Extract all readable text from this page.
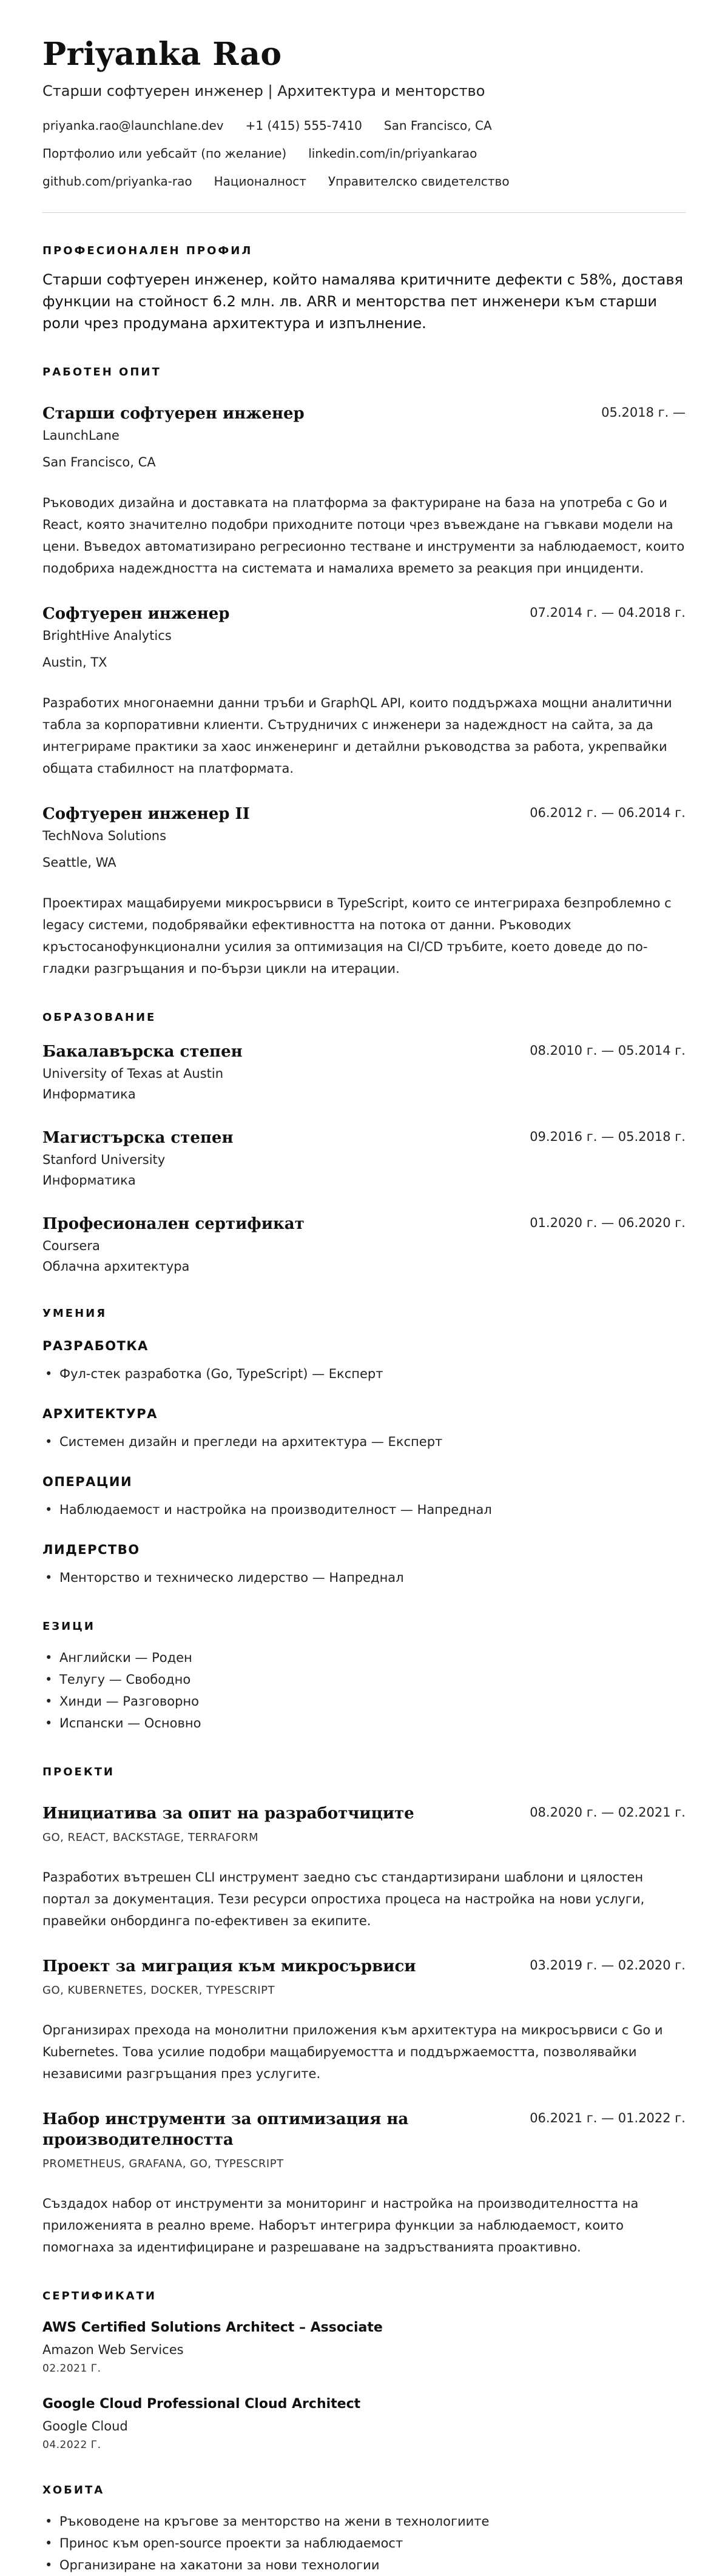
Priyanka Rao
Старши софтуерен инженер | Архитектура и менторство
priyanka.rao@launchlane.dev +1 (415) 555-7410 San Francisco, CA
Портфолио или уебсайт (по желание) linkedin.com/in/priyankarao
github.com/priyanka-rao Националност Управителско свидетелство
ПРОФЕСИОНАЛЕН ПРОФИЛ
Старши софтуерен инженер, който намалява критичните дефекти с 58%, доставя функции на стойност 6.2 млн. лв. ARR и менторства пет инженери към старши роли чрез продумана архитектура и изпълнение.
РАБОТЕН ОПИТ
Старши софтуерен инженер	05.2018 г. —
LaunchLane
San Francisco, CA
Ръководих дизайна и доставката на платформа за фактуриране на база на употреба с Go и React, която значително подобри приходните потоци чрез въвеждане на гъвкави модели на цени. Въведох автоматизирано регресионно тестване и инструменти за наблюдаемост, които подобриха надеждността на системата и намалиха времето за реакция при инциденти.
Софтуерен инженер	07.2014 г. — 04.2018 г.
BrightHive Analytics
Austin, TX
Разработих многонаемни данни тръби и GraphQL API, които поддържаха мощни аналитични табла за корпоративни клиенти. Сътрудничих с инженери за надеждност на сайта, за да интегрираме практики за хаос инженеринг и детайлни ръководства за работа, укрепвайки общата стабилност на платформата.
Софтуерен инженер II	06.2012 г. — 06.2014 г.
TechNova Solutions
Seattle, WA
Проектирах мащабируеми микросървиси в TypeScript, които се интегрираха безпроблемно с legacy системи, подобрявайки ефективността на потока от данни. Ръководих кръстосанофункционални усилия за оптимизация на CI/CD тръбите, което доведе до по-гладки разгръщания и по-бързи цикли на итерации.
ОБРАЗОВАНИЕ
Бакалавърска степен	08.2010 г. — 05.2014 г.
University of Texas at Austin
Информатика
Магистърска степен	09.2016 г. — 05.2018 г.
Stanford University
Информатика
Професионален сертификат	01.2020 г. — 06.2020 г.
Coursera
Облачна архитектура
УМЕНИЯ
РАЗРАБОТКА
• Фул-стек разработка (Go, TypeScript) — Експерт
АРХИТЕКТУРА
• Системен дизайн и прегледи на архитектура — Експерт
ОПЕРАЦИИ
• Наблюдаемост и настройка на производителност — Напреднал
ЛИДЕРСТВО
• Менторство и техническо лидерство — Напреднал
ЕЗИЦИ
• Английски — Роден
• Телугу — Свободно
• Хинди — Разговорно
• Испански — Основно
ПРОЕКТИ
Инициатива за опит на разработчиците	08.2020 г. — 02.2021 г.
GO, REACT, BACKSTAGE, TERRAFORM
Разработих вътрешен CLI инструмент заедно със стандартизирани шаблони и цялостен портал за документация. Тези ресурси опростиха процеса на настройка на нови услуги, правейки онбординга по-ефективен за екипите.
Проект за миграция към микросървиси	03.2019 г. — 02.2020 г.
GO, KUBERNETES, DOCKER, TYPESCRIPT
Организирах прехода на монолитни приложения към архитектура на микросървиси с Go и Kubernetes. Това усилие подобри мащабируемостта и поддържаемостта, позволявайки независими разгръщания през услугите.
Набор инструменти за оптимизация на производителността
06.2021 г. — 01.2022 г.
PROMETHEUS, GRAFANA, GO, TYPESCRIPT
Създадох набор от инструменти за мониторинг и настройка на производителността на приложенията в реално време. Наборът интегрира функции за наблюдаемост, които помогнаха за идентифициране и разрешаване на задръстванията проактивно.
СЕРТИФИКАТИ
AWS Certified Solutions Architect – Associate
Amazon Web Services
02.2021 Г.
Google Cloud Professional Cloud Architect
Google Cloud
04.2022 Г.
ХОБИТА
• Ръководене на кръгове за менторство на жени в технологиите
• Принос към open-source проекти за наблюдаемост
• Организиране на хакатони за нови технологии
